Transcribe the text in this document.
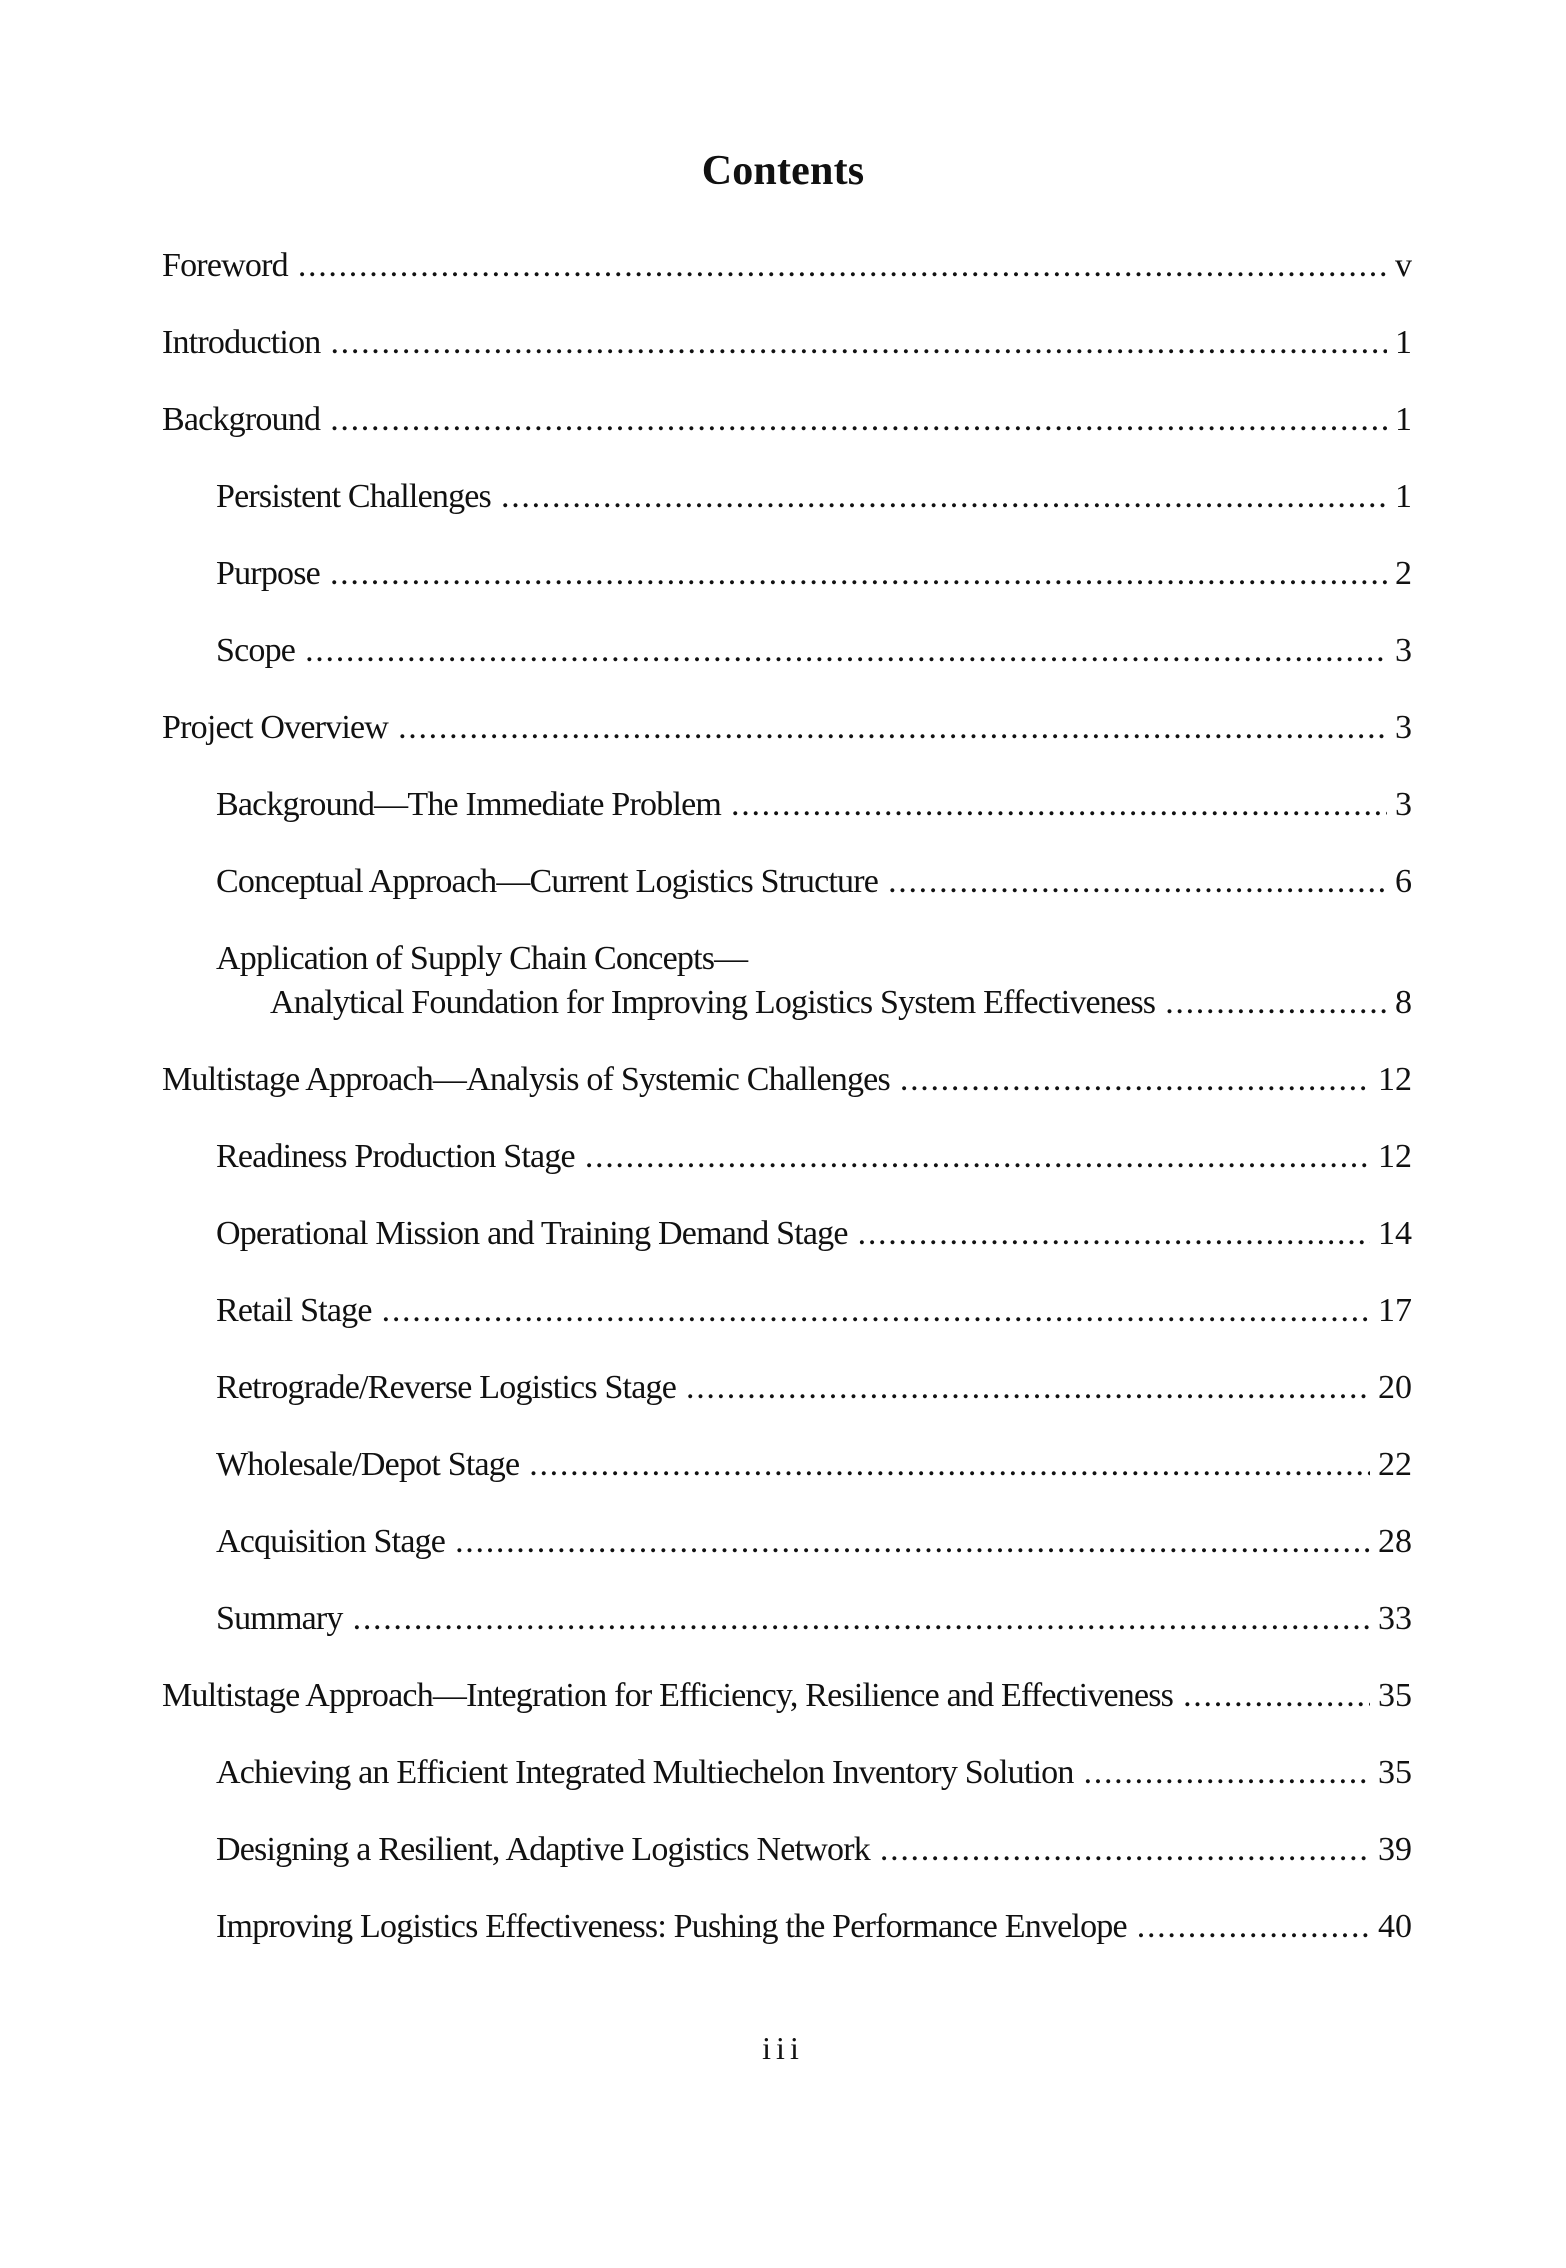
Contents
Foreword .....	v
Introduction .....	1
Background .....	1
Persistent Challenges .....	1
Purpose .....	2
Scope .....	3
Project Overview .....	3
Background—The Immediate Problem .....	3
Conceptual Approach—Current Logistics Structure .....	6
Application of Supply Chain Concepts—
Analytical Foundation for Improving Logistics System Effectiveness .....	8
Multistage Approach—Analysis of Systemic Challenges .....	12
Readiness Production Stage .....	12
Operational Mission and Training Demand Stage .....	14
Retail Stage .....	17
Retrograde/Reverse Logistics Stage .....	20
Wholesale/Depot Stage .....	22
Acquisition Stage .....	28
Summary .....	33
Multistage Approach—Integration for Efficiency, Resilience and Effectiveness .....	35
Achieving an Efficient Integrated Multiechelon Inventory Solution .....	35
Designing a Resilient, Adaptive Logistics Network .....	39
Improving Logistics Effectiveness: Pushing the Performance Envelope .....	40
iii
